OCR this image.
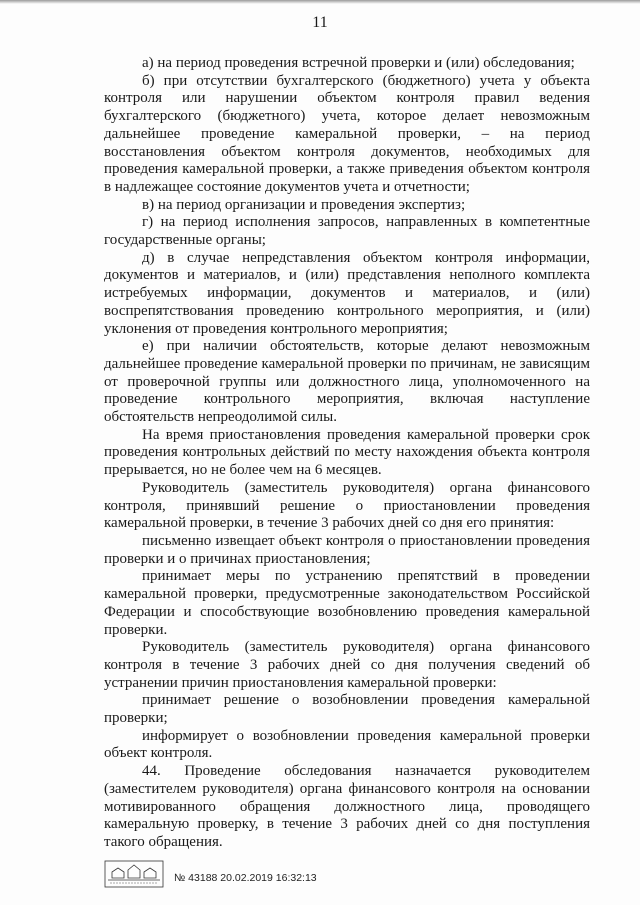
11

а) на период проведения встречной проверки и (или) обследования;

б) при отсутствии бухгалтерского (бюджетного) учета у объекта контроля или нарушении объектом контроля правил ведения бухгалтерского (бюджетного) учета, которое делает невозможным дальнейшее проведение камеральной проверки, – на период восстановления объектом контроля документов, необходимых для проведения камеральной проверки, а также приведения объектом контроля в надлежащее состояние документов учета и отчетности;

в) на период организации и проведения экспертиз;

г) на период исполнения запросов, направленных в компетентные государственные органы;

д) в случае непредставления объектом контроля информации, документов и материалов, и (или) представления неполного комплекта истребуемых информации, документов и материалов, и (или) воспрепятствования проведению контрольного мероприятия, и (или) уклонения от проведения контрольного мероприятия;

е) при наличии обстоятельств, которые делают невозможным дальнейшее проведение камеральной проверки по причинам, не зависящим от проверочной группы или должностного лица, уполномоченного на проведение контрольного мероприятия, включая наступление обстоятельств непреодолимой силы.

На время приостановления проведения камеральной проверки срок проведения контрольных действий по месту нахождения объекта контроля прерывается, но не более чем на 6 месяцев.

Руководитель (заместитель руководителя) органа финансового контроля, принявший решение о приостановлении проведения камеральной проверки, в течение 3 рабочих дней со дня его принятия:

письменно извещает объект контроля о приостановлении проведения проверки и о причинах приостановления;

принимает меры по устранению препятствий в проведении камеральной проверки, предусмотренные законодательством Российской Федерации и способствующие возобновлению проведения камеральной проверки.

Руководитель (заместитель руководителя) органа финансового контроля в течение 3 рабочих дней со дня получения сведений об устранении причин приостановления камеральной проверки:

принимает решение о возобновлении проведения камеральной проверки;

информирует о возобновлении проведения камеральной проверки объект контроля.

44. Проведение обследования назначается руководителем (заместителем руководителя) органа финансового контроля на основании мотивированного обращения должностного лица, проводящего камеральную проверку, в течение 3 рабочих дней со дня поступления такого обращения.

№ 43188 20.02.2019 16:32:13
